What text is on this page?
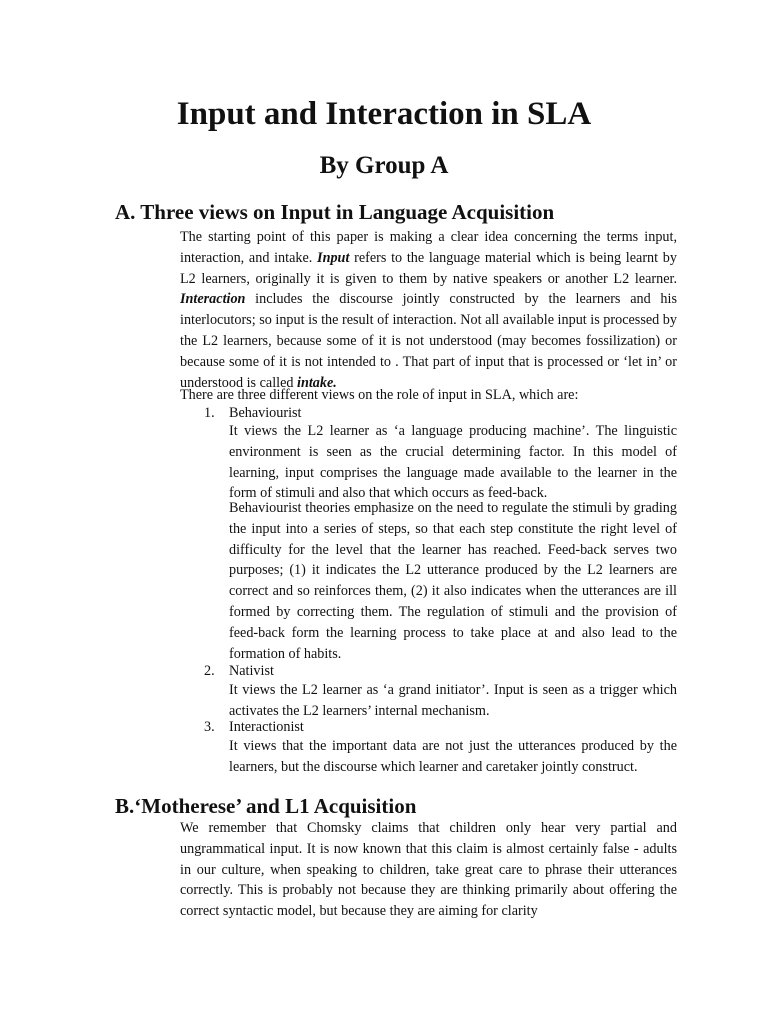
Input and Interaction in SLA
By Group A
A. Three views on Input in Language Acquisition

The starting point of this paper is making a clear idea concerning the terms input, interaction, and intake. Input refers to the language material which is being learnt by L2 learners, originally it is given to them by native speakers or another L2 learner. Interaction includes the discourse jointly constructed by the learners and his interlocutors; so input is the result of interaction. Not all available input is processed by the L2 learners, because some of it is not understood (may becomes fossilization) or because some of it is not intended to . That part of input that is processed or ‘let in’ or understood is called intake.

There are three different views on the role of input in SLA, which are:

1. Behaviourist

It views the L2 learner as ‘a language producing machine’. The linguistic environment is seen as the crucial determining factor. In this model of learning, input comprises the language made available to the learner in the form of stimuli and also that which occurs as feed-back.

Behaviourist theories emphasize on the need to regulate the stimuli by grading the input into a series of steps, so that each step constitute the right level of difficulty for the level that the learner has reached. Feed-back serves two purposes; (1) it indicates the L2 utterance produced by the L2 learners are correct and so reinforces them, (2) it also indicates when the utterances are ill formed by correcting them. The regulation of stimuli and the provision of feed-back form the learning process to take place at and also lead to the formation of habits.

2. Nativist

It views the L2 learner as ‘a grand initiator’. Input is seen as a trigger which activates the L2 learners’ internal mechanism.

3. Interactionist

It views that the important data are not just the utterances produced by the learners, but the discourse which learner and caretaker jointly construct.

B.‘Motherese’ and L1 Acquisition

We remember that Chomsky claims that children only hear very partial and ungrammatical input. It is now known that this claim is almost certainly false - adults in our culture, when speaking to children, take great care to phrase their utterances correctly. This is probably not because they are thinking primarily about offering the correct syntactic model, but because they are aiming for clarity
